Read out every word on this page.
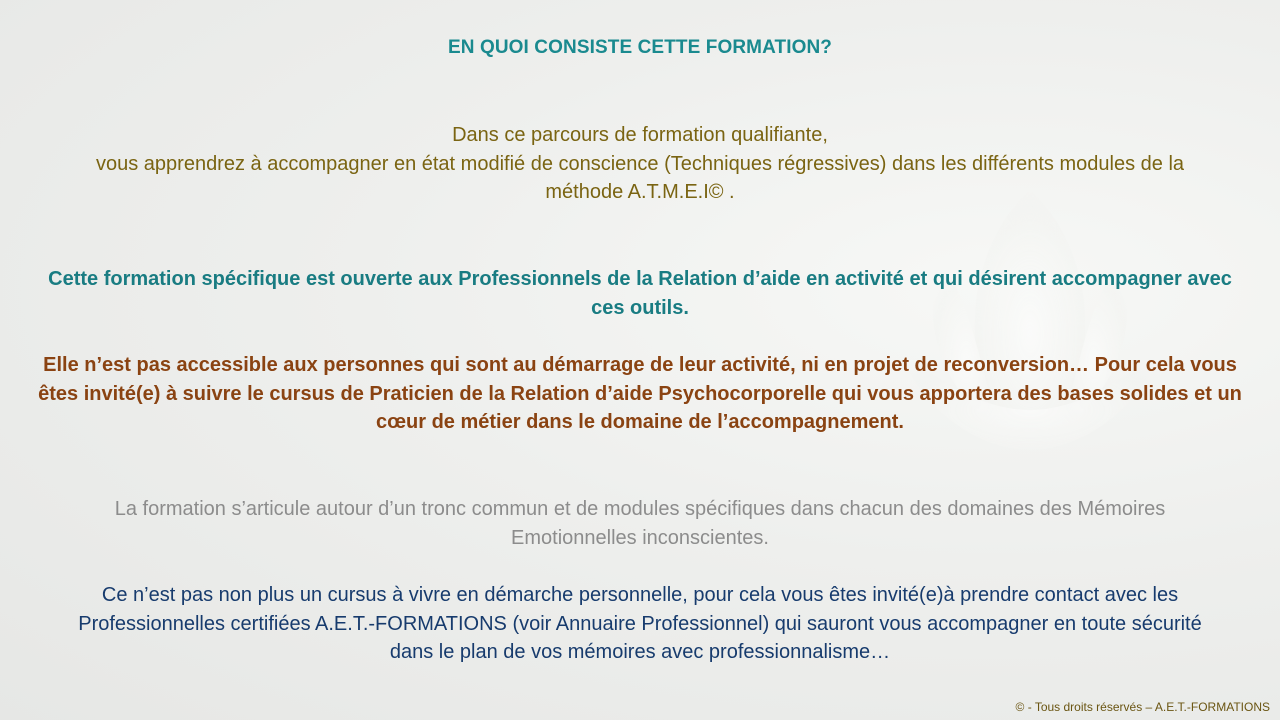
EN QUOI CONSISTE CETTE FORMATION?

Dans ce parcours de formation qualifiante,
vous apprendrez à accompagner en état modifié de conscience (Techniques régressives) dans les différents modules de la
méthode A.T.M.E.I© .

Cette formation spécifique est ouverte aux Professionnels de la Relation d’aide en activité et qui désirent accompagner avec
ces outils.

Elle n’est pas accessible aux personnes qui sont au démarrage de leur activité, ni en projet de reconversion… Pour cela vous
êtes invité(e) à suivre le cursus de Praticien de la Relation d’aide Psychocorporelle qui vous apportera des bases solides et un
cœur de métier dans le domaine de l’accompagnement.

La formation s’articule autour d’un tronc commun et de modules spécifiques dans chacun des domaines des Mémoires
Emotionnelles inconscientes.

Ce n’est pas non plus un cursus à vivre en démarche personnelle, pour cela vous êtes invité(e)à prendre contact avec les
Professionnelles certifiées A.E.T.-FORMATIONS (voir Annuaire Professionnel) qui sauront vous accompagner en toute sécurité
dans le plan de vos mémoires avec professionnalisme…

© - Tous droits réservés – A.E.T.-FORMATIONS
